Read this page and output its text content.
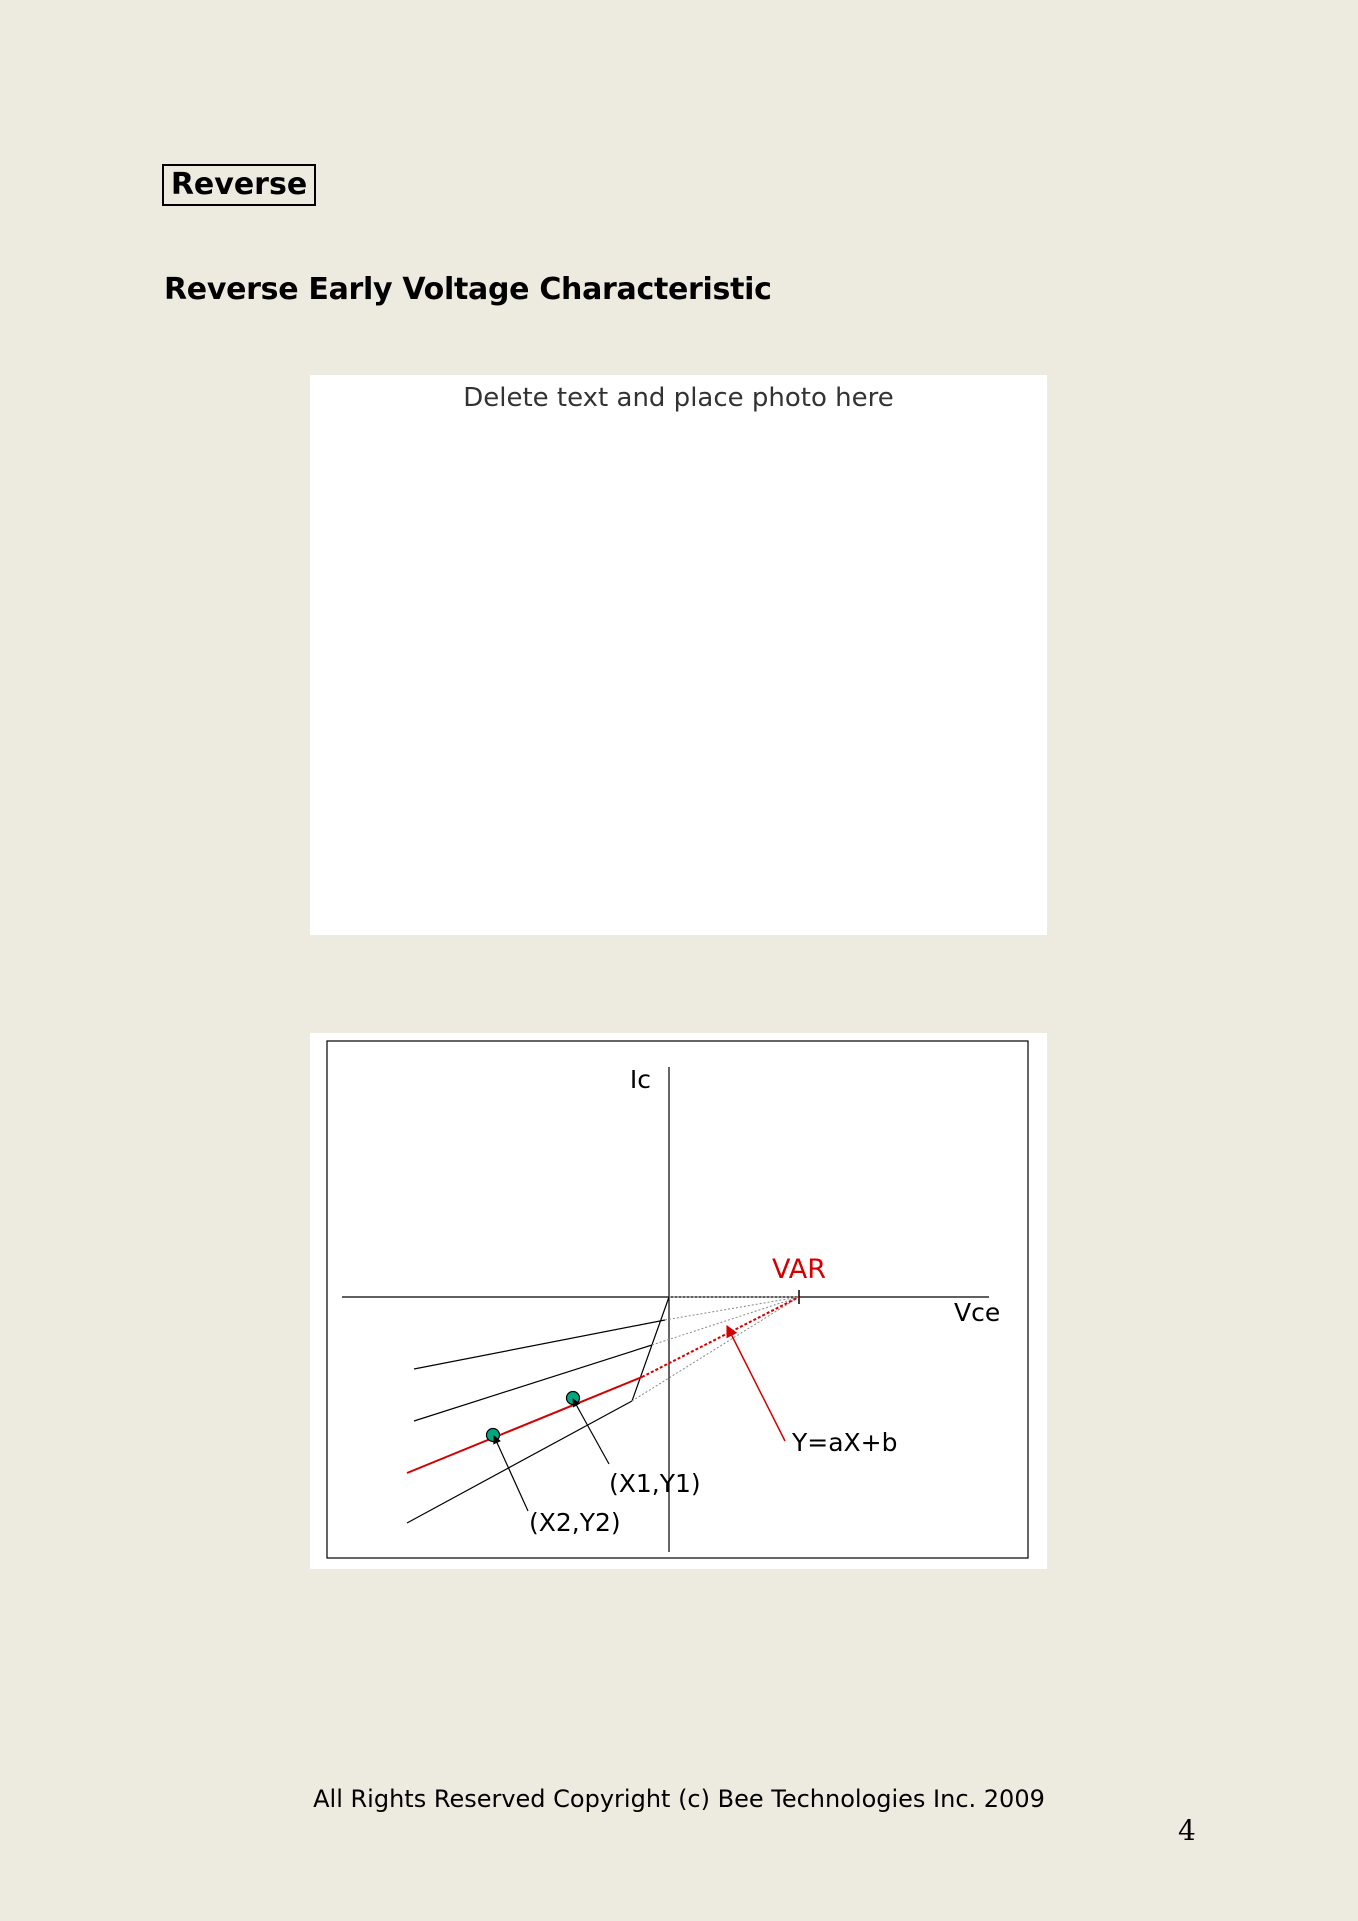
Reverse
Reverse Early Voltage Characteristic
Delete text and place photo here
Ic
Vce
VAR
Y=aX+b
(X1,Y1)
(X2,Y2)
All Rights Reserved Copyright (c) Bee Technologies Inc. 2009
4
